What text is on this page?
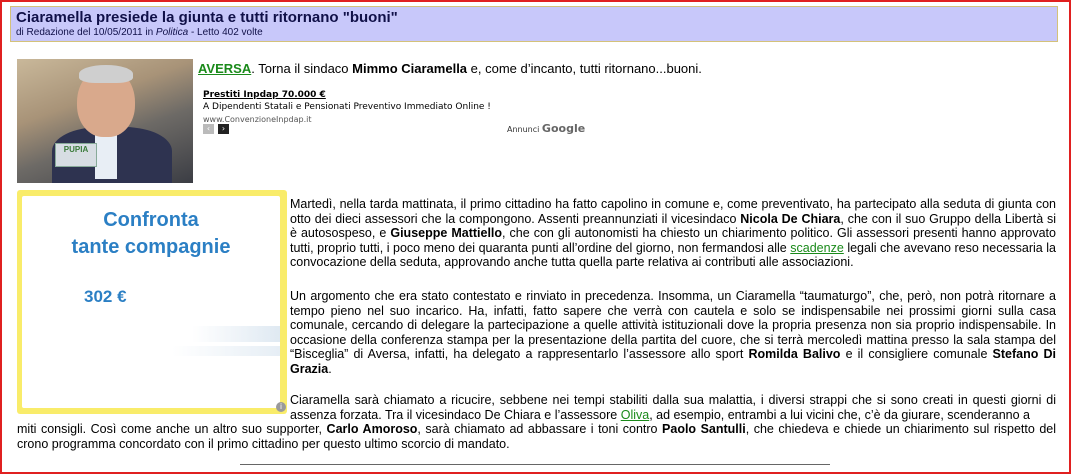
Ciaramella presiede la giunta e tutti ritornano "buoni"
di Redazione del 10/05/2011 in Politica - Letto 402 volte
PUPIA
AVERSA. Torna il sindaco Mimmo Ciaramella e, come d’incanto, tutti ritornano...buoni.
Prestiti Inpdap 70.000 €
A Dipendenti Statali e Pensionati Preventivo Immediato Online !
www.ConvenzioneInpdap.it
‹	›	Annunci Google
Confronta
tante compagnie
302 €
i
Martedì, nella tarda mattinata, il primo cittadino ha fatto capolino in comune e, come preventivato, ha partecipato alla seduta di giunta con otto dei dieci assessori che la compongono. Assenti preannunziati il vicesindaco Nicola De Chiara, che con il suo Gruppo della Libertà si è autosospeso, e Giuseppe Mattiello, che con gli autonomisti ha chiesto un chiarimento politico. Gli assessori presenti hanno approvato tutti, proprio tutti, i poco meno dei quaranta punti all’ordine del giorno, non fermandosi alle scadenze legali che avevano reso necessaria la convocazione della seduta, approvando anche tutta quella parte relativa ai contributi alle associazioni.
Un argomento che era stato contestato e rinviato in precedenza. Insomma, un Ciaramella “taumaturgo”, che, però, non potrà ritornare a tempo pieno nel suo incarico. Ha, infatti, fatto sapere che verrà con cautela e solo se indispensabile nei prossimi giorni sulla casa comunale, cercando di delegare la partecipazione a quelle attività istituzionali dove la propria presenza non sia proprio indispensabile. In occasione della conferenza stampa per la presentazione della partita del cuore, che si terrà mercoledì mattina presso la sala stampa del “Bisceglia” di Aversa, infatti, ha delegato a rappresentarlo l’assessore allo sport Romilda Balivo e il consigliere comunale Stefano Di Grazia.
Ciaramella sarà chiamato a ricucire, sebbene nei tempi stabiliti dalla sua malattia, i diversi strappi che si sono creati in questi giorni di assenza forzata. Tra il vicesindaco De Chiara e l’assessore Oliva, ad esempio, entrambi a lui vicini che, c’è da giurare, scenderanno a
miti consigli. Così come anche un altro suo supporter, Carlo Amoroso, sarà chiamato ad abbassare i toni contro Paolo Santulli, che chiedeva e chiede un chiarimento sul rispetto del crono programma concordato con il primo cittadino per questo ultimo scorcio di mandato.
